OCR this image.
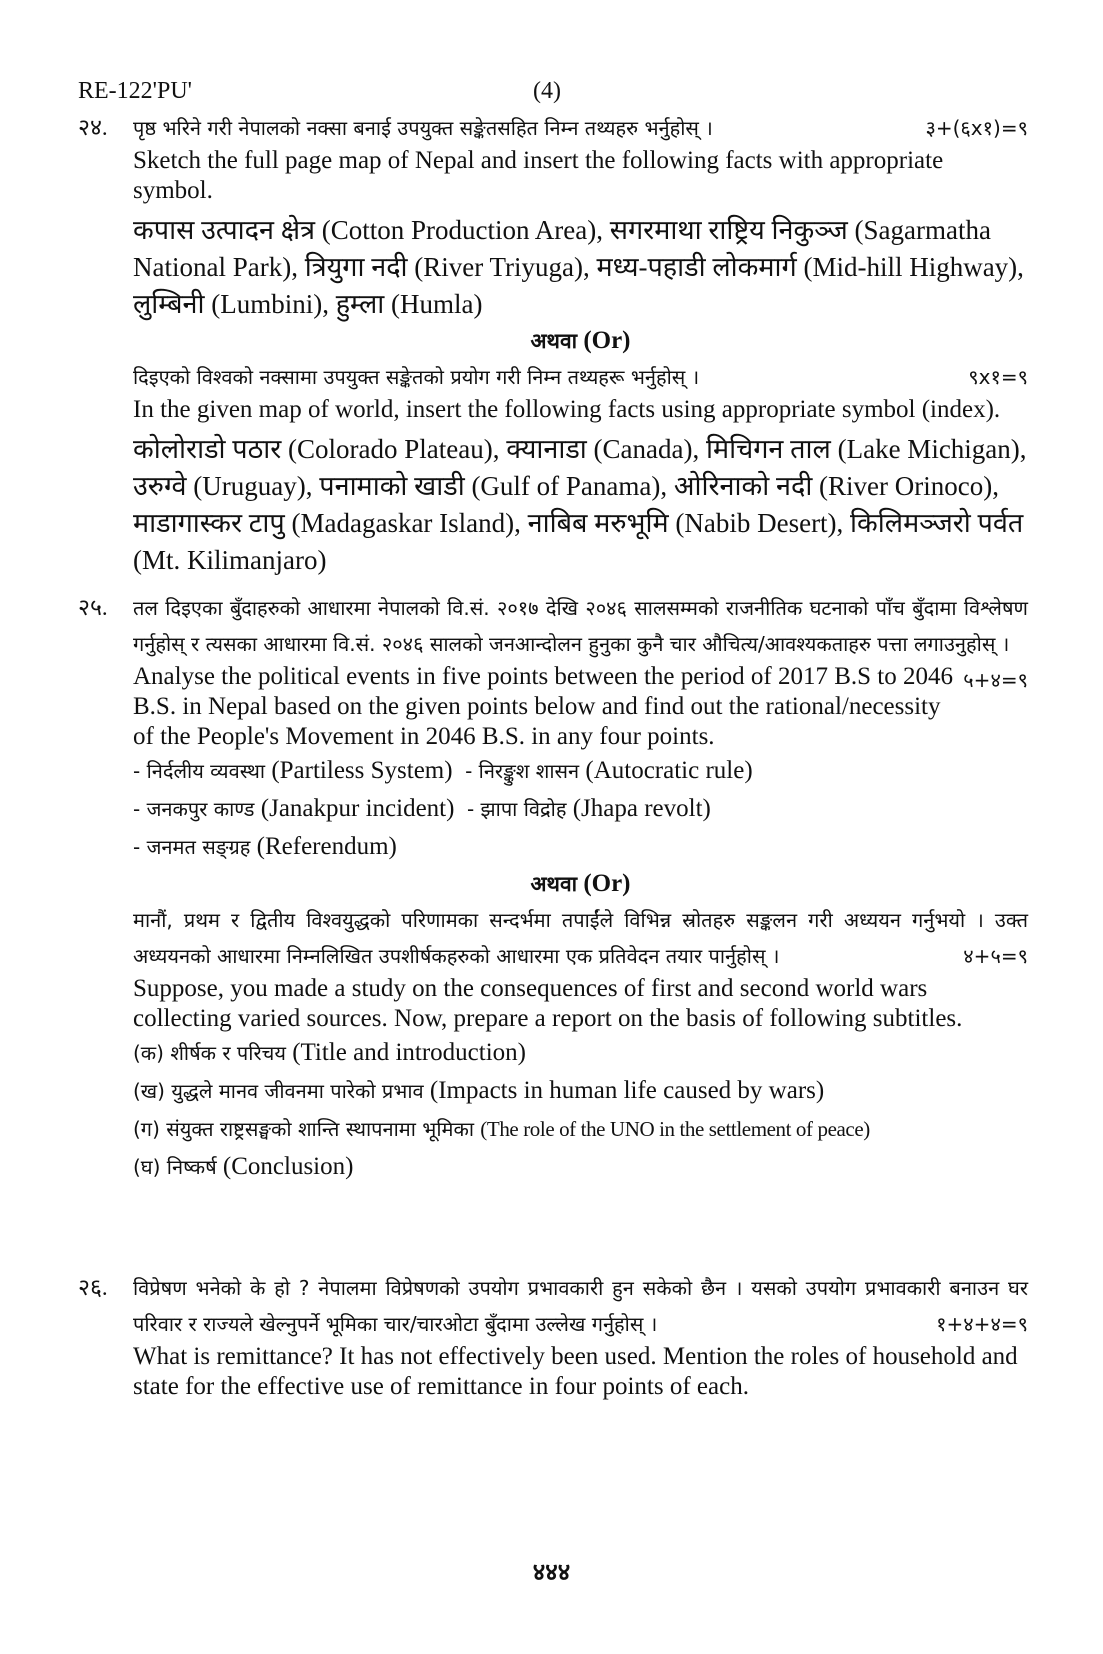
RE-122'PU'	(4)
२४. पृष्ठ भरिने गरी नेपालको नक्सा बनाई उपयुक्त सङ्केतसहित निम्न तथ्यहरु भर्नुहोस् ।	३+(६x१)=९

Sketch the full page map of Nepal and insert the following facts with appropriate symbol.

कपास उत्पादन क्षेत्र (Cotton Production Area), सगरमाथा राष्ट्रिय निकुञ्ज (Sagarmatha National Park), त्रियुगा नदी (River Triyuga), मध्य-पहाडी लोकमार्ग (Mid-hill Highway), लुम्बिनी (Lumbini), हुम्ला (Humla)

अथवा (Or)
दिइएको विश्वको नक्सामा उपयुक्त सङ्केतको प्रयोग गरी निम्न तथ्यहरू भर्नुहोस् ।	९x१=९

In the given map of world, insert the following facts using appropriate symbol (index).

कोलोराडो पठार (Colorado Plateau), क्यानाडा (Canada), मिचिगन ताल (Lake Michigan), उरुग्वे (Uruguay), पनामाको खाडी (Gulf of Panama), ओरिनाको नदी (River Orinoco), माडागास्कर टापु (Madagaskar Island), नाबिब मरुभूमि (Nabib Desert), किलिमञ्जरो पर्वत (Mt. Kilimanjaro)

२५. तल दिइएका बुँदाहरुको आधारमा नेपालको वि.सं. २०१७ देखि २०४६ सालसम्मको राजनीतिक घटनाको पाँच बुँदामा विश्लेषण गर्नुहोस् र त्यसका आधारमा वि.सं. २०४६ सालको जनआन्दोलन हुनुका कुनै चार औचित्य/आवश्यकताहरु पत्ता लगाउनुहोस् ।
५+४=९

Analyse the political events in five points between the period of 2017 B.S to 2046 B.S. in Nepal based on the given points below and find out the rational/necessity of the People's Movement in 2046 B.S. in any four points.

- निर्दलीय व्यवस्था (Partiless System) - निरङ्कुश शासन (Autocratic rule)
- जनकपुर काण्ड (Janakpur incident) - झापा विद्रोह (Jhapa revolt)
- जनमत सङ्ग्रह (Referendum)
अथवा (Or)

मानौं, प्रथम र द्वितीय विश्वयुद्धको परिणामका सन्दर्भमा तपाईंले विभिन्न स्रोतहरु सङ्कलन गरी अध्ययन गर्नुभयो । उक्त अध्ययनको आधारमा निम्नलिखित उपशीर्षकहरुको आधारमा एक प्रतिवेदन तयार पार्नुहोस् ।	४+५=९

Suppose, you made a study on the consequences of first and second world wars collecting varied sources. Now, prepare a report on the basis of following subtitles.

(क) शीर्षक र परिचय (Title and introduction)
(ख) युद्धले मानव जीवनमा पारेको प्रभाव (Impacts in human life caused by wars)
(ग) संयुक्त राष्ट्रसङ्घको शान्ति स्थापनामा भूमिका (The role of the UNO in the settlement of peace)
(घ) निष्कर्ष (Conclusion)
२६. विप्रेषण भनेको के हो ? नेपालमा विप्रेषणको उपयोग प्रभावकारी हुन सकेको छैन । यसको उपयोग प्रभावकारी बनाउन घर परिवार र राज्यले खेल्नुपर्ने भूमिका चार/चारओटा बुँदामा उल्लेख गर्नुहोस् ।	१+४+४=९

What is remittance? It has not effectively been used. Mention the roles of household and state for the effective use of remittance in four points of each.

४४४
